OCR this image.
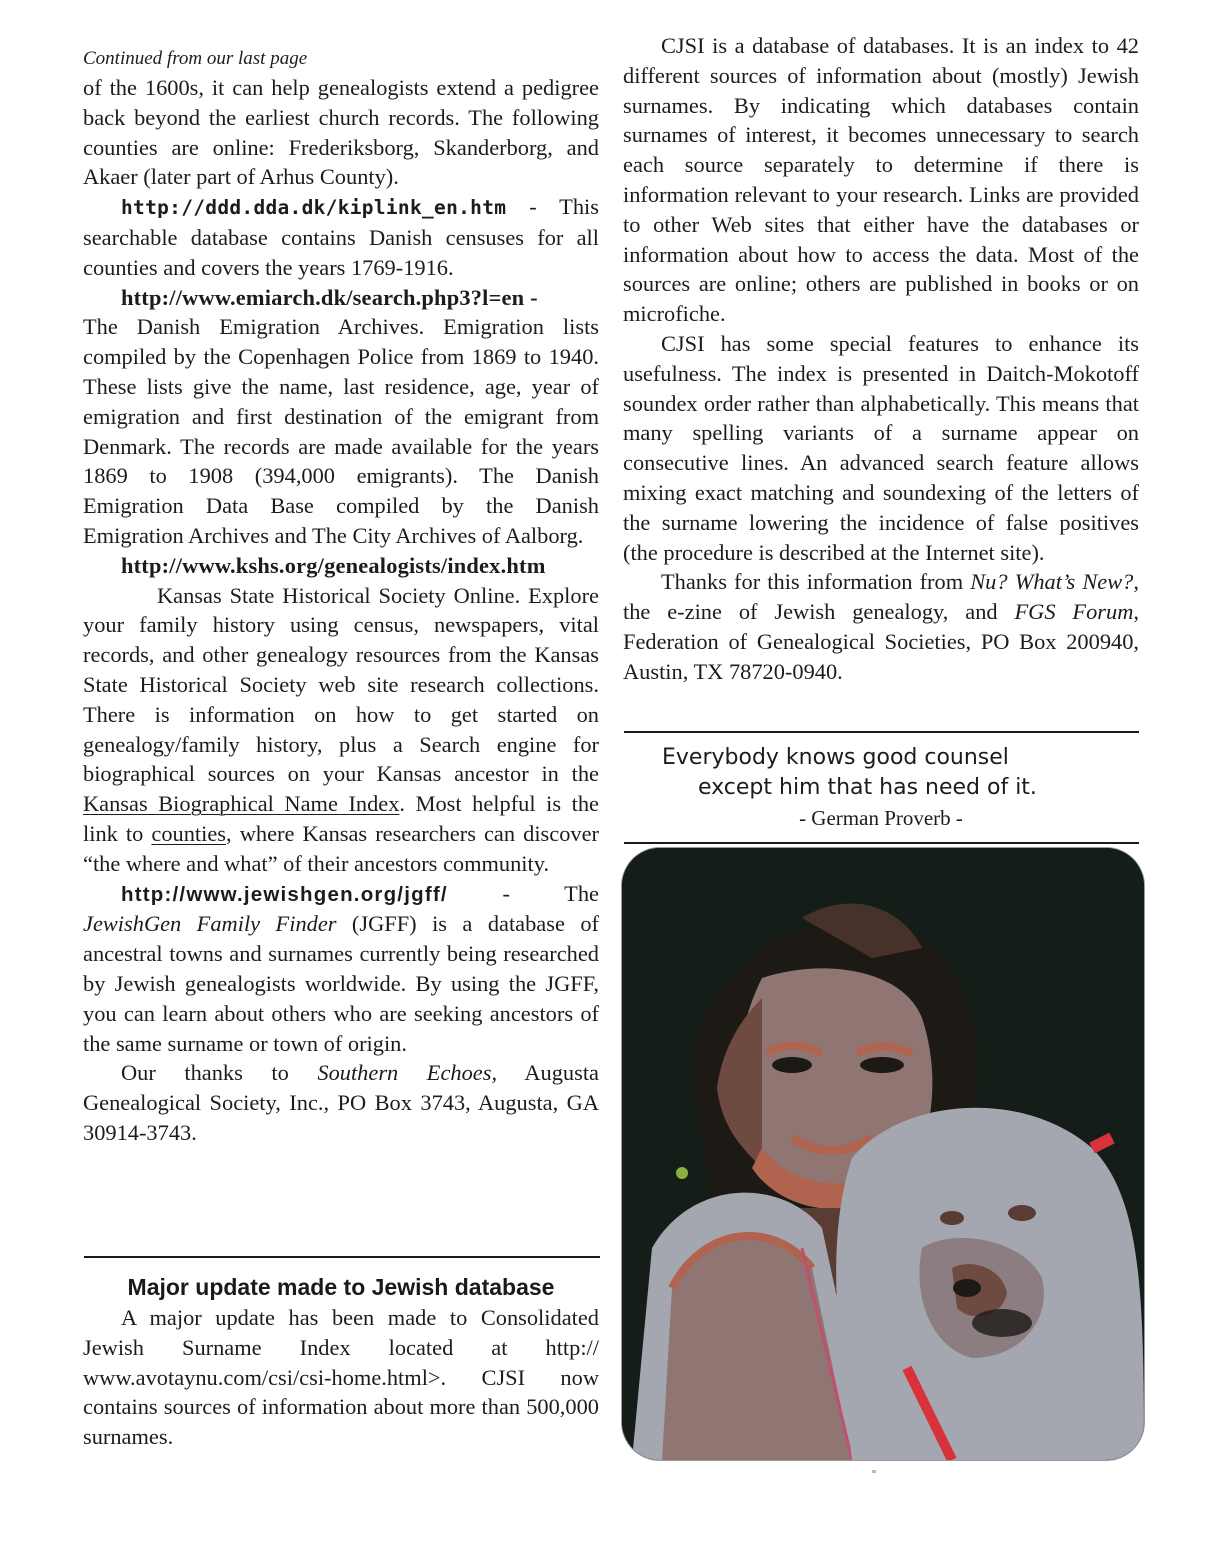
Continued from our last page

of the 1600s, it can help genealogists extend a pedigree back beyond the earliest church records. The following counties are online: Frederiksborg, Skanderborg, and Akaer (later part of Arhus County).

http://ddd.dda.dk/kiplink_en.htm - This searchable database contains Danish censuses for all counties and covers the years 1769-1916.

http://www.emiarch.dk/search.php3?l=en -

The Danish Emigration Archives. Emigration lists compiled by the Copenhagen Police from 1869 to 1940. These lists give the name, last residence, age, year of emigration and first destination of the emigrant from Denmark. The records are made available for the years 1869 to 1908 (394,000 emigrants). The Danish Emigration Data Base compiled by the Danish Emigration Archives and The City Archives of Aalborg.

http://www.kshs.org/genealogists/index.htm

Kansas State Historical Society Online. Explore your family history using census, newspapers, vital records, and other genealogy resources from the Kansas State Historical Society web site research collections. There is information on how to get started on genealogy/family history, plus a Search engine for biographical sources on your Kansas ancestor in the Kansas Biographical Name Index. Most helpful is the link to counties, where Kansas researchers can discover “the where and what” of their ancestors community.

http://www.jewishgen.org/jgff/ - The JewishGen Family Finder (JGFF) is a database of ancestral towns and surnames currently being researched by Jewish genealogists worldwide. By using the JGFF, you can learn about others who are seeking ancestors of the same surname or town of origin.

Our thanks to Southern Echoes, Augusta Genealogical Society, Inc., PO Box 3743, Augusta, GA 30914-3743.

Major update made to Jewish database

A major update has been made to Consolidated Jewish Surname Index located at http:// www.avotaynu.com/csi/csi-home.html>. CJSI now contains sources of information about more than 500,000 surnames.

CJSI is a database of databases. It is an index to 42 different sources of information about (mostly) Jewish surnames. By indicating which databases contain surnames of interest, it becomes unnecessary to search each source separately to determine if there is information relevant to your research. Links are provided to other Web sites that either have the databases or information about how to access the data. Most of the sources are online; others are published in books or on microfiche.

CJSI has some special features to enhance its usefulness. The index is presented in Daitch-Mokotoff soundex order rather than alphabetically. This means that many spelling variants of a surname appear on consecutive lines. An advanced search feature allows mixing exact matching and soundexing of the letters of the surname lowering the incidence of false positives (the procedure is described at the Internet site).

Thanks for this information from Nu? What’s New?, the e-zine of Jewish genealogy, and FGS Forum, Federation of Genealogical Societies, PO Box 200940, Austin, TX 78720-0940.

Everybody knows good counsel
except him that has need of it.
- German Proverb -
